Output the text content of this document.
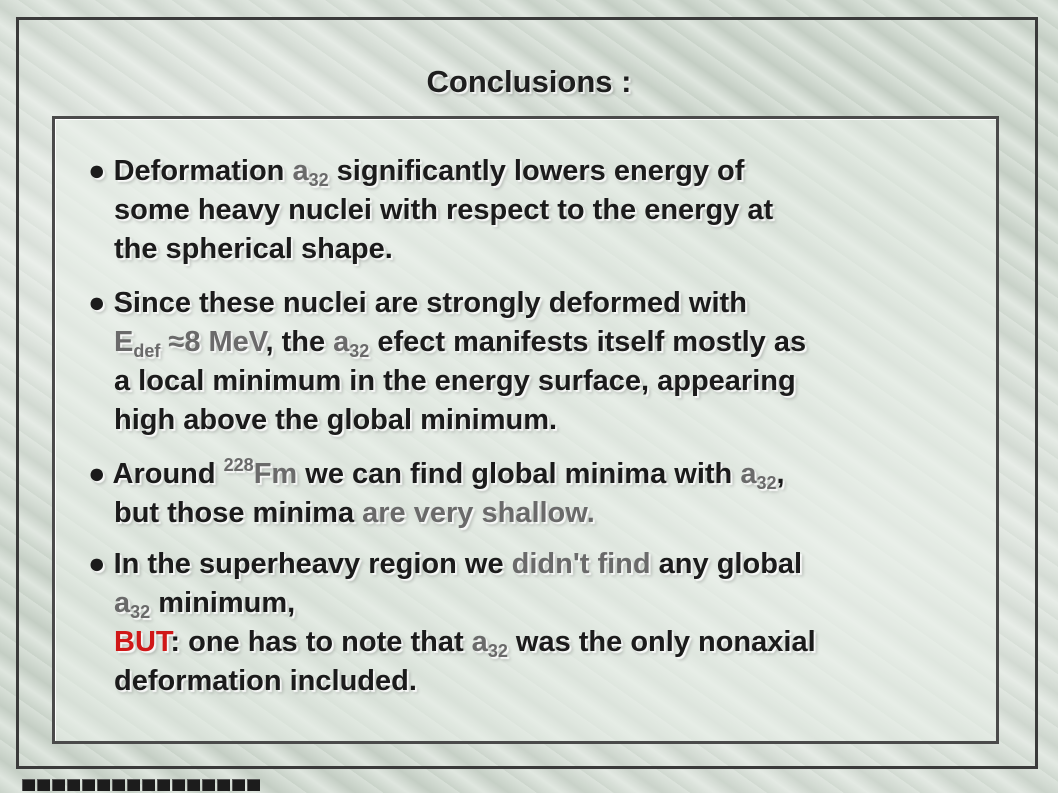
Conclusions :
● Deformation $a_{32}$ significantly lowers energy of
some heavy nuclei with respect to the energy at
the spherical shape.
● Since these nuclei are strongly deformed with
$E_{def} \approx 8$ MeV, the $a_{32}$ efect manifests itself mostly as
a local minimum in the energy surface, appearing
high above the global minimum.
● Around $^{228}$Fm we can find global minima with $a_{32}$,
but those minima are very shallow.
● In the superheavy region we didn't find any global
$a_{32}$ minimum,
BUT: one has to note that $a_{32}$ was the only nonaxial
deformation included.
